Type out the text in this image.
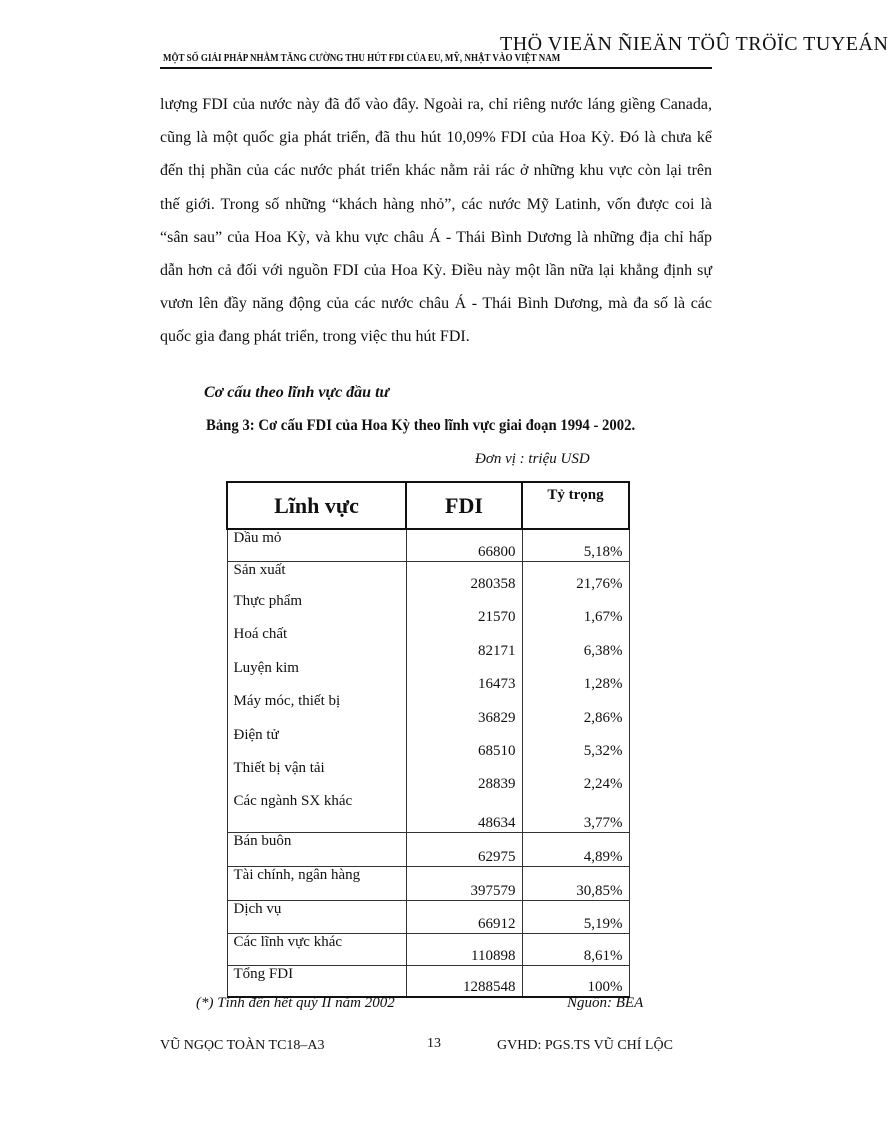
THÖ VIEÄN ÑIEÄN TÖÛ TRÖÏC TUYEÁN
MỘT SỐ GIẢI PHÁP NHẰM TĂNG CƯỜNG THU HÚT FDI CỦA EU, MỸ, NHẬT VÀO VIỆT NAM

lượng FDI của nước này đã đổ vào đây. Ngoài ra, chỉ riêng nước láng giềng Canada, cũng là một quốc gia phát triển, đã thu hút 10,09% FDI của Hoa Kỳ. Đó là chưa kể đến thị phần của các nước phát triển khác nằm rải rác ở những khu vực còn lại trên thế giới. Trong số những “khách hàng nhỏ”, các nước Mỹ Latinh, vốn được coi là “sân sau” của Hoa Kỳ, và khu vực châu Á - Thái Bình Dương là những địa chỉ hấp dẫn hơn cả đối với nguồn FDI của Hoa Kỳ. Điều này một lần nữa lại khẳng định sự vươn lên đầy năng động của các nước châu Á - Thái Bình Dương, mà đa số là các quốc gia đang phát triển, trong việc thu hút FDI.

Cơ cấu theo lĩnh vực đầu tư
Bảng 3: Cơ cấu FDI của Hoa Kỳ theo lĩnh vực giai đoạn 1994 - 2002.
Đơn vị : triệu USD
Lĩnh vực	FDI	Tỷ trọng
Dầu mỏ	66800	5,18%
Sản xuất	280358	21,76%
Thực phẩm	21570	1,67%
Hoá chất	82171	6,38%
Luyện kim	16473	1,28%
Máy móc, thiết bị	36829	2,86%
Điện tử	68510	5,32%
Thiết bị vận tải	28839	2,24%
Các ngành SX khác	48634	3,77%
Bán buôn	62975	4,89%
Tài chính, ngân hàng	397579	30,85%
Dịch vụ	66912	5,19%
Các lĩnh vực khác	110898	8,61%
Tổng FDI	1288548	100%
(*) Tính đến hết quý II năm 2002	Nguồn: BEA
VŨ NGỌC TOÀN TC18–A3	13	GVHD: PGS.TS VŨ CHÍ LỘC
